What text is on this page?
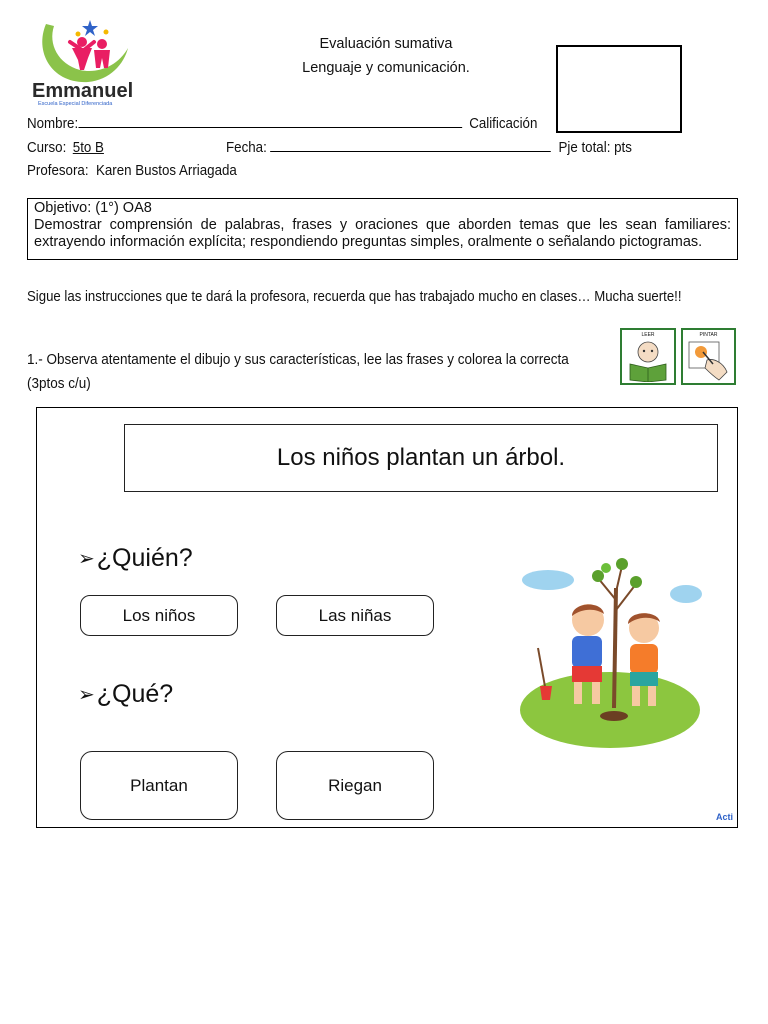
Emmanuel
Escuela Especial Diferenciada
Evaluación sumativa
Lenguaje y comunicación.
Nombre:	Calificación
Curso: 5to B	Fecha:	Pje total: pts
Profesora: Karen Bustos Arriagada
Objetivo: (1°) OA8
Demostrar comprensión de palabras, frases y oraciones que aborden temas que les sean familiares: extrayendo información explícita; respondiendo preguntas simples, oralmente o señalando pictogramas.
Sigue las instrucciones que te dará la profesora, recuerda que has trabajado mucho en clases… Mucha suerte!!
1.- Observa atentamente el dibujo y sus características, lee las frases y colorea la correcta (3ptos c/u)
LEER	PINTAR
Los niños plantan un árbol.
➢ ¿Quién?
Los niños	Las niñas
➢ ¿Qué?
Plantan	Riegan
Acti
